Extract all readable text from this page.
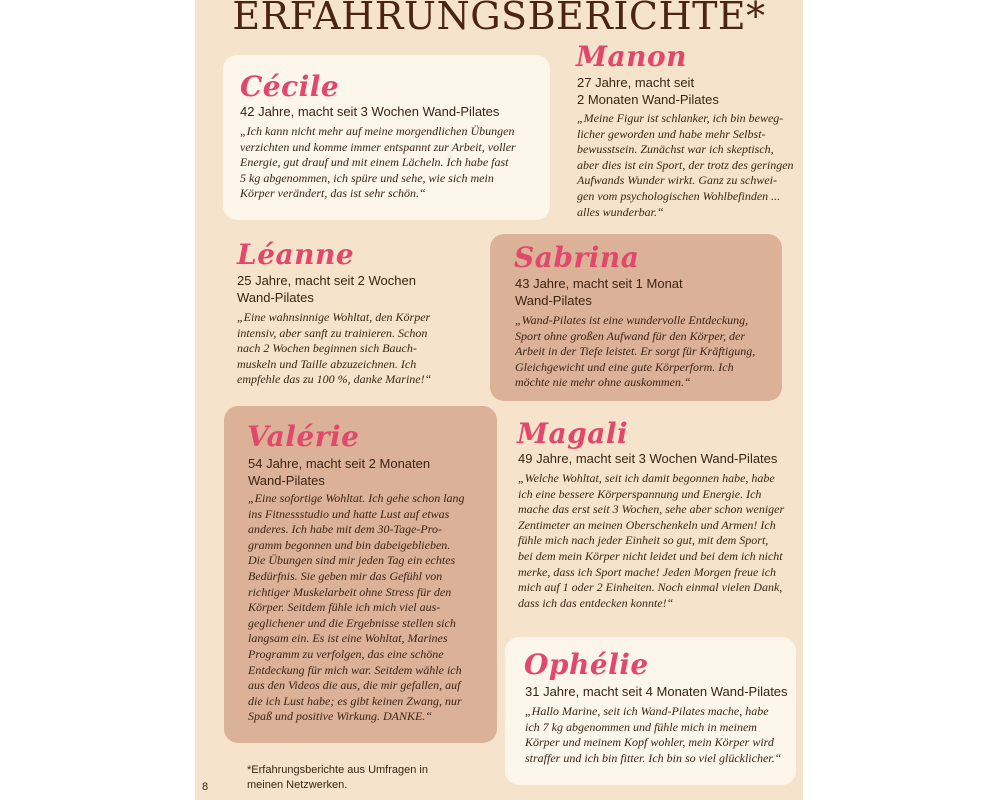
ERFAHRUNGSBERICHTE*
Cécile
42 Jahre, macht seit 3 Wochen Wand-Pilates
„Ich kann nicht mehr auf meine morgendlichen Übungen
verzichten und komme immer entspannt zur Arbeit, voller
Energie, gut drauf und mit einem Lächeln. Ich habe fast
5 kg abgenommen, ich spüre und sehe, wie sich mein
Körper verändert, das ist sehr schön.“
Manon
27 Jahre, macht seit
2 Monaten Wand-Pilates
„Meine Figur ist schlanker, ich bin beweg-
licher geworden und habe mehr Selbst-
bewusstsein. Zunächst war ich skeptisch,
aber dies ist ein Sport, der trotz des geringen
Aufwands Wunder wirkt. Ganz zu schwei-
gen vom psychologischen Wohlbefinden ...
alles wunderbar.“
Léanne
25 Jahre, macht seit 2 Wochen
Wand-Pilates
„Eine wahnsinnige Wohltat, den Körper
intensiv, aber sanft zu trainieren. Schon
nach 2 Wochen beginnen sich Bauch-
muskeln und Taille abzuzeichnen. Ich
empfehle das zu 100 %, danke Marine!“
Sabrina
43 Jahre, macht seit 1 Monat
Wand-Pilates
„Wand-Pilates ist eine wundervolle Entdeckung,
Sport ohne großen Aufwand für den Körper, der
Arbeit in der Tiefe leistet. Er sorgt für Kräftigung,
Gleichgewicht und eine gute Körperform. Ich
möchte nie mehr ohne auskommen.“
Valérie
54 Jahre, macht seit 2 Monaten
Wand-Pilates
„Eine sofortige Wohltat. Ich gehe schon lang
ins Fitnessstudio und hatte Lust auf etwas
anderes. Ich habe mit dem 30-Tage-Pro-
gramm begonnen und bin dabeigeblieben.
Die Übungen sind mir jeden Tag ein echtes
Bedürfnis. Sie geben mir das Gefühl von
richtiger Muskelarbeit ohne Stress für den
Körper. Seitdem fühle ich mich viel aus-
geglichener und die Ergebnisse stellen sich
langsam ein. Es ist eine Wohltat, Marines
Programm zu verfolgen, das eine schöne
Entdeckung für mich war. Seitdem wähle ich
aus den Videos die aus, die mir gefallen, auf
die ich Lust habe; es gibt keinen Zwang, nur
Spaß und positive Wirkung. DANKE.“
Magali
49 Jahre, macht seit 3 Wochen Wand-Pilates
„Welche Wohltat, seit ich damit begonnen habe, habe
ich eine bessere Körperspannung und Energie. Ich
mache das erst seit 3 Wochen, sehe aber schon weniger
Zentimeter an meinen Oberschenkeln und Armen! Ich
fühle mich nach jeder Einheit so gut, mit dem Sport,
bei dem mein Körper nicht leidet und bei dem ich nicht
merke, dass ich Sport mache! Jeden Morgen freue ich
mich auf 1 oder 2 Einheiten. Noch einmal vielen Dank,
dass ich das entdecken konnte!“
Ophélie
31 Jahre, macht seit 4 Monaten Wand-Pilates
„Hallo Marine, seit ich Wand-Pilates mache, habe
ich 7 kg abgenommen und fühle mich in meinem
Körper und meinem Kopf wohler, mein Körper wird
straffer und ich bin fitter. Ich bin so viel glücklicher.“
*Erfahrungsberichte aus Umfragen in
meinen Netzwerken.
8
